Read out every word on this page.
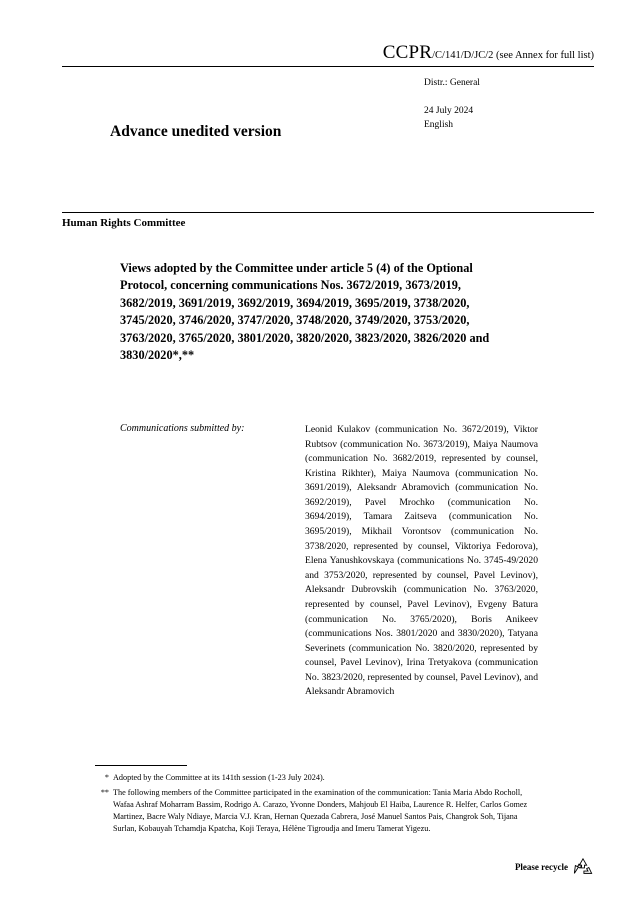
CCPR/C/141/D/JC/2 (see Annex for full list)
Distr.: General
24 July 2024
English
Advance unedited version
Human Rights Committee
Views adopted by the Committee under article 5 (4) of the Optional Protocol, concerning communications Nos. 3672/2019, 3673/2019, 3682/2019, 3691/2019, 3692/2019, 3694/2019, 3695/2019, 3738/2020, 3745/2020, 3746/2020, 3747/2020, 3748/2020, 3749/2020, 3753/2020, 3763/2020, 3765/2020, 3801/2020, 3820/2020, 3823/2020, 3826/2020 and 3830/2020*,**
Communications submitted by:	Leonid Kulakov (communication No. 3672/2019), Viktor Rubtsov (communication No. 3673/2019), Maiya Naumova (communication No. 3682/2019, represented by counsel, Kristina Rikhter), Maiya Naumova (communication No. 3691/2019), Aleksandr Abramovich (communication No. 3692/2019), Pavel Mrochko (communication No. 3694/2019), Tamara Zaitseva (communication No. 3695/2019), Mikhail Vorontsov (communication No. 3738/2020, represented by counsel, Viktoriya Fedorova), Elena Yanushkovskaya (communications No. 3745-49/2020 and 3753/2020, represented by counsel, Pavel Levinov), Aleksandr Dubrovskih (communication No. 3763/2020, represented by counsel, Pavel Levinov), Evgeny Batura (communication No. 3765/2020), Boris Anikeev (communications Nos. 3801/2020 and 3830/2020), Tatyana Severinets (communication No. 3820/2020, represented by counsel, Pavel Levinov), Irina Tretyakova (communication No. 3823/2020, represented by counsel, Pavel Levinov), and Aleksandr Abramovich
* Adopted by the Committee at its 141th session (1-23 July 2024).
** The following members of the Committee participated in the examination of the communication: Tania Maria Abdo Rocholl, Wafaa Ashraf Moharram Bassim, Rodrigo A. Carazo, Yvonne Donders, Mahjoub El Haiba, Laurence R. Helfer, Carlos Gomez Martinez, Bacre Waly Ndiaye, Marcia V.J. Kran, Hernan Quezada Cabrera, José Manuel Santos Pais, Changrok Soh, Tijana Surlan, Kobauyah Tchamdja Kpatcha, Koji Teraya, Hélène Tigroudja and Imeru Tamerat Yigezu.
Please recycle
